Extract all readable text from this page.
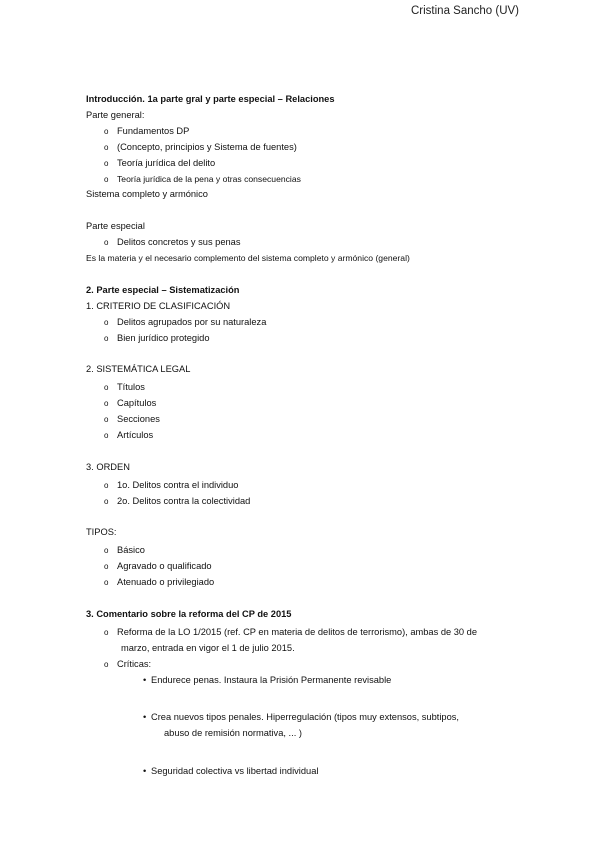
Cristina Sancho (UV)
Introducción. 1a parte gral y parte especial – Relaciones
Parte general:
o Fundamentos DP
o (Concepto, principios y Sistema de fuentes)
o Teoría jurídica del delito
o Teoría jurídica de la pena y otras consecuencias
Sistema completo y armónico
Parte especial
o Delitos concretos y sus penas
Es la materia y el necesario complemento del sistema completo y armónico (general)
2. Parte especial – Sistematización
1. CRITERIO DE CLASIFICACIÓN
o Delitos agrupados por su naturaleza
o Bien jurídico protegido
2. SISTEMÁTICA LEGAL
o Títulos
o Capítulos
o Secciones
o Artículos
3. ORDEN
o 1o. Delitos contra el individuo
o 2o. Delitos contra la colectividad
TIPOS:
o Básico
o Agravado o qualificado
o Atenuado o privilegiado
3. Comentario sobre la reforma del CP de 2015
o Reforma de la LO 1/2015 (ref. CP en materia de delitos de terrorismo), ambas de 30 de
marzo, entrada en vigor el 1 de julio 2015.
o Críticas:
• Endurece penas. Instaura la Prisión Permanente revisable
• Crea nuevos tipos penales. Hiperregulación (tipos muy extensos, subtipos,
abuso de remisión normativa, ... )
• Seguridad colectiva vs libertad individual
